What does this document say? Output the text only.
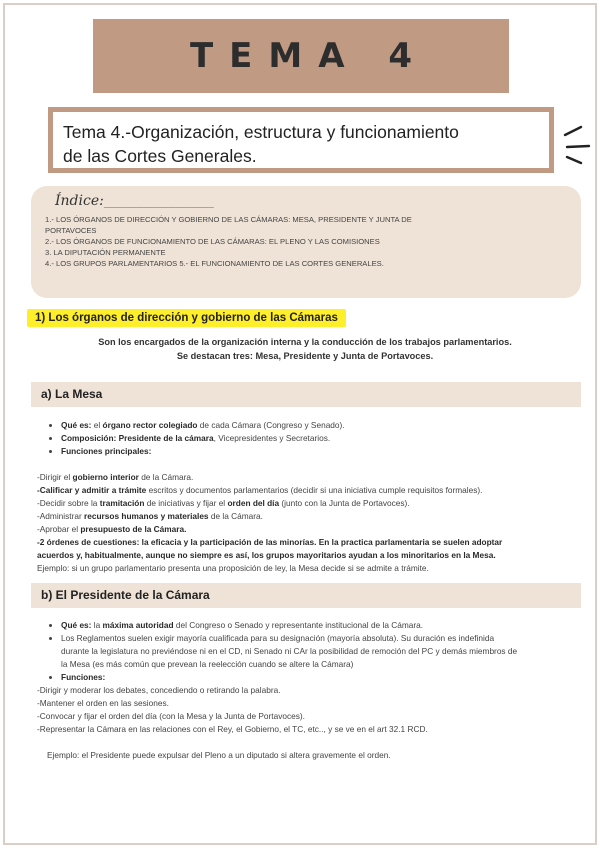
TEMA 4
Tema 4.-Organización, estructura y funcionamiento
de las Cortes Generales.
Índice:____________________
1.- LOS ÓRGANOS DE DIRECCIÓN Y GOBIERNO DE LAS CÁMARAS: MESA, PRESIDENTE Y JUNTA DE
PORTAVOCES
2.- LOS ÓRGANOS DE FUNCIONAMIENTO DE LAS CÁMARAS: EL PLENO Y LAS COMISIONES
3. LA DIPUTACIÓN PERMANENTE
4.- LOS GRUPOS PARLAMENTARIOS 5.- EL FUNCIONAMIENTO DE LAS CORTES GENERALES.
1) Los órganos de dirección y gobierno de las Cámaras
Son los encargados de la organización interna y la conducción de los trabajos parlamentarios.
Se destacan tres: Mesa, Presidente y Junta de Portavoces.
a) La Mesa
• Qué es: el órgano rector colegiado de cada Cámara (Congreso y Senado).
• Composición: Presidente de la cámara, Vicepresidentes y Secretarios.
• Funciones principales:

-Dirigir el gobierno interior de la Cámara.

-Calificar y admitir a trámite escritos y documentos parlamentarios (decidir si una iniciativa cumple requisitos formales).

-Decidir sobre la tramitación de iniciativas y fijar el orden del día (junto con la Junta de Portavoces).

-Administrar recursos humanos y materiales de la Cámara.

-Aprobar el presupuesto de la Cámara.

-2 órdenes de cuestiones: la eficacia y la participación de las minorías. En la practica parlamentaria se suelen adoptar

acuerdos y, habitualmente, aunque no siempre es así, los grupos mayoritarios ayudan a los minoritarios en la Mesa.

Ejemplo: si un grupo parlamentario presenta una proposición de ley, la Mesa decide si se admite a trámite.

b) El Presidente de la Cámara
• Qué es: la máxima autoridad del Congreso o Senado y representante institucional de la Cámara.
• Los Reglamentos suelen exigir mayoría cualificada para su designación (mayoría absoluta). Su duración es indefinida
durante la legislatura no previéndose ni en el CD, ni Senado ni CAr la posibilidad de remoción del PC y demás miembros de
la Mesa (es más común que prevean la reelección cuando se altere la Cámara)
• Funciones:

-Dirigir y moderar los debates, concediendo o retirando la palabra.

-Mantener el orden en las sesiones.

-Convocar y fijar el orden del día (con la Mesa y la Junta de Portavoces).

-Representar la Cámara en las relaciones con el Rey, el Gobierno, el TC, etc.., y se ve en el art 32.1 RCD.

Ejemplo: el Presidente puede expulsar del Pleno a un diputado si altera gravemente el orden.
